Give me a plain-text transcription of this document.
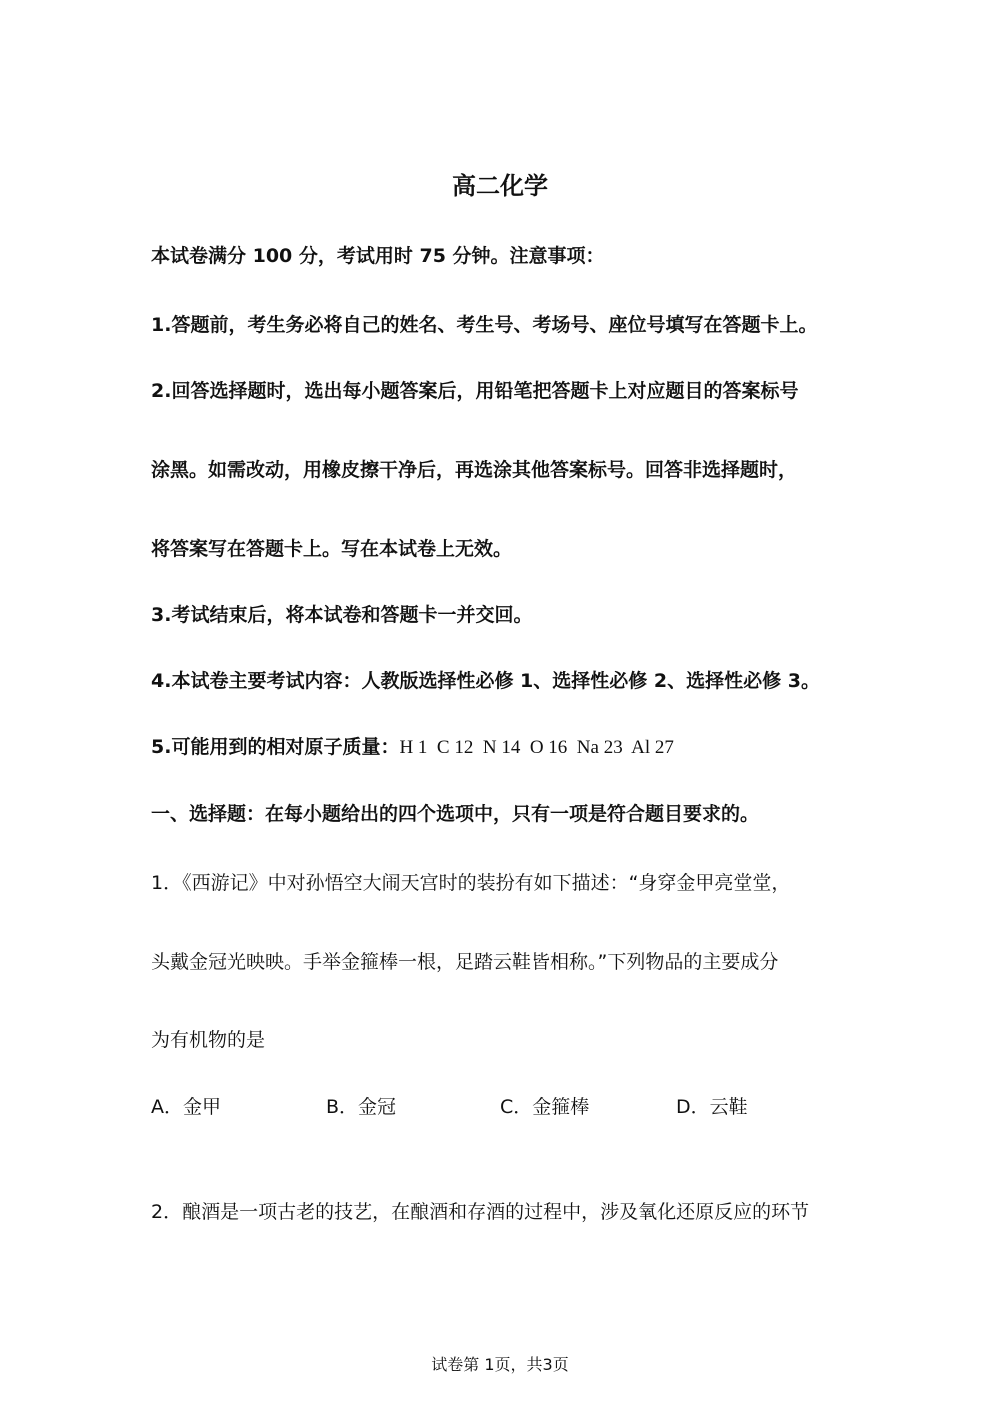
高二化学
本试卷满分 100 分，考试用时 75 分钟。注意事项：
1.答题前，考生务必将自己的姓名、考生号、考场号、座位号填写在答题卡上。
2.回答选择题时，选出每小题答案后，用铅笔把答题卡上对应题目的答案标号
涂黑。如需改动，用橡皮擦干净后，再选涂其他答案标号。回答非选择题时，
将答案写在答题卡上。写在本试卷上无效。
3.考试结束后，将本试卷和答题卡一并交回。
4.本试卷主要考试内容：人教版选择性必修 1、选择性必修 2、选择性必修 3。
5.可能用到的相对原子质量：H 1  C 12  N 14  O 16  Na 23  Al 27
一、选择题：在每小题给出的四个选项中，只有一项是符合题目要求的。
1．《西游记》中对孙悟空大闹天宫时的装扮有如下描述：“身穿金甲亮堂堂，
头戴金冠光映映。手举金箍棒一根，足踏云鞋皆相称。”下列物品的主要成分
为有机物的是
A．金甲	B．金冠	C．金箍棒	D．云鞋
2．酿酒是一项古老的技艺，在酿酒和存酒的过程中，涉及氧化还原反应的环节
试卷第 1页，共3页
